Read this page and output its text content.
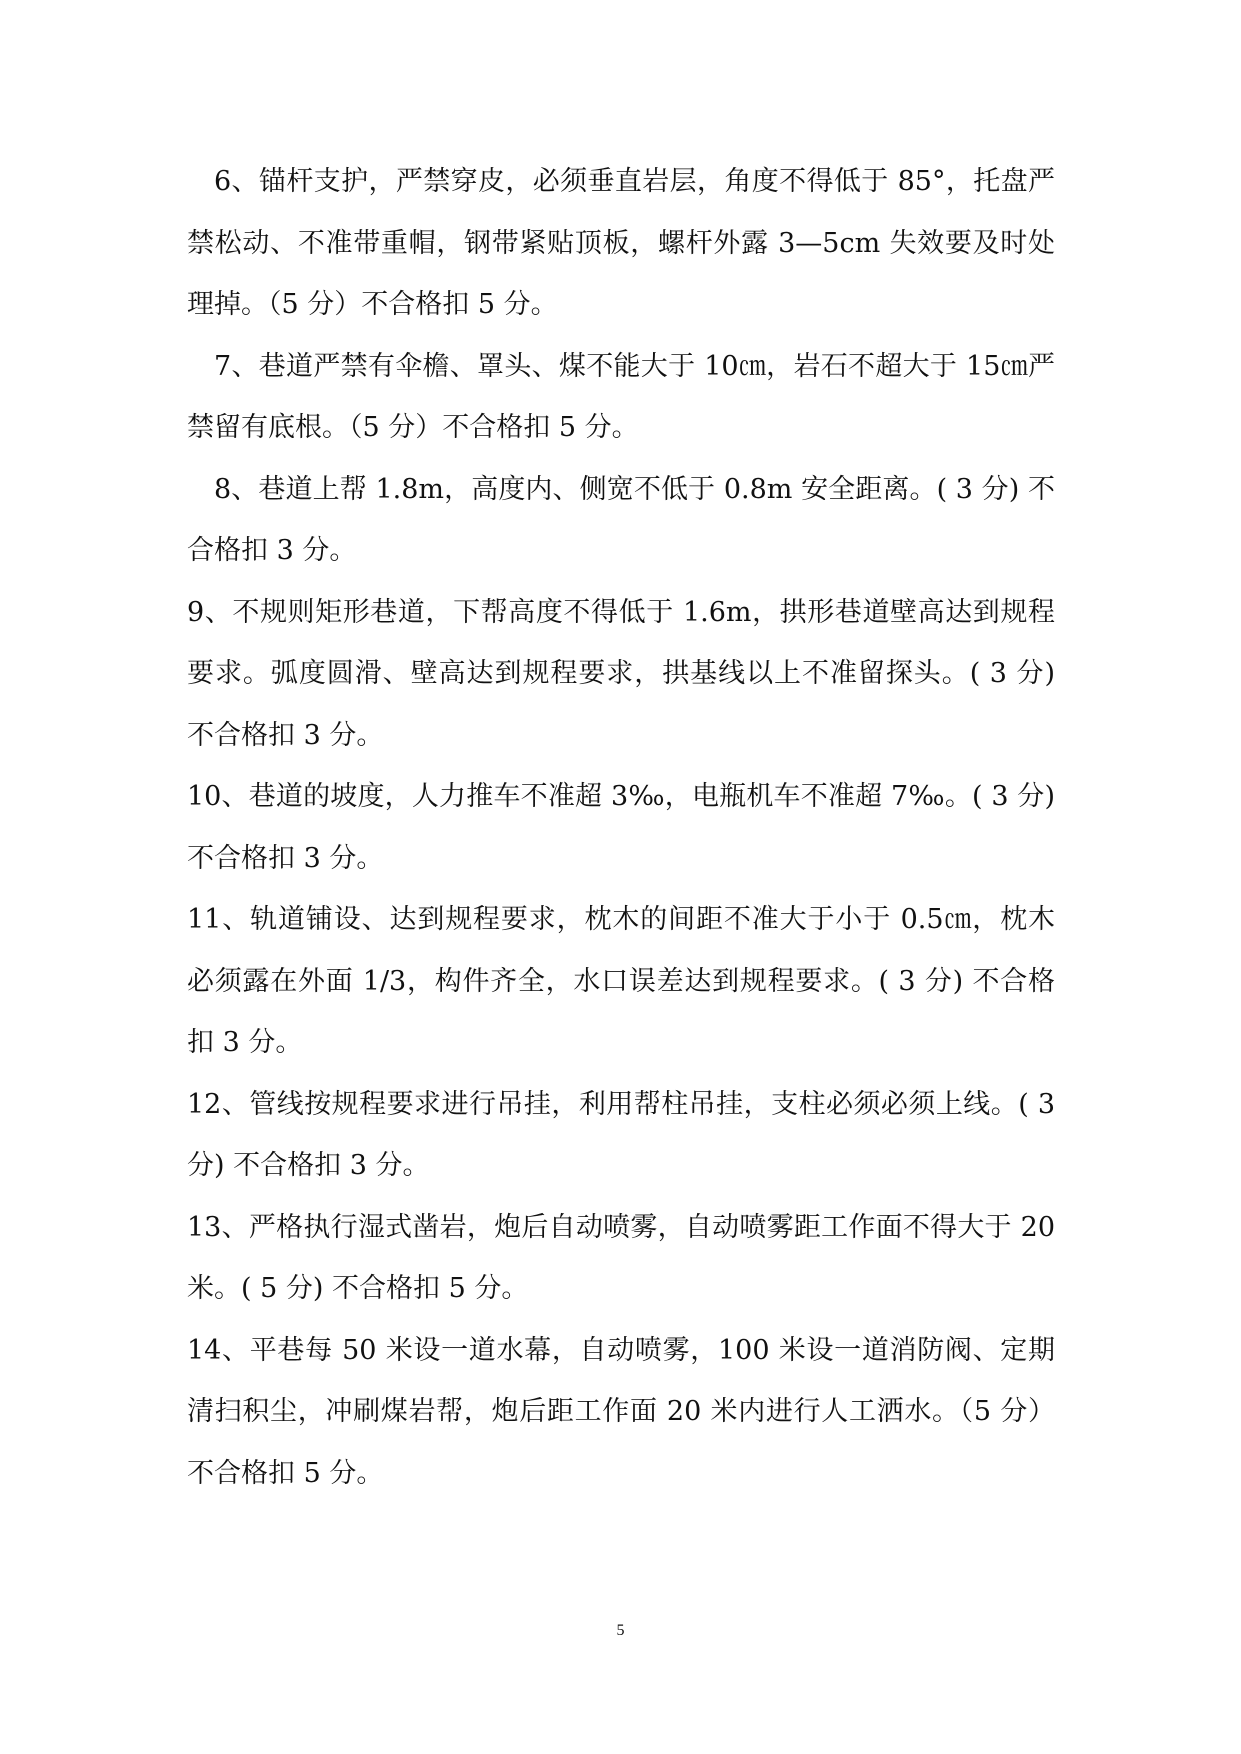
6、锚杆支护，严禁穿皮，必须垂直岩层，角度不得低于 85°，托盘严禁松动、不准带重帽，钢带紧贴顶板，螺杆外露 3—5cm 失效要及时处理掉。（5 分）不合格扣 5 分。

7、巷道严禁有伞檐、罩头、煤不能大于 10㎝，岩石不超大于 15㎝严禁留有底根。（5 分）不合格扣 5 分。

8、巷道上帮 1.8m，高度内、侧宽不低于 0.8m 安全距离。( 3 分) 不合格扣 3 分。

9、不规则矩形巷道，下帮高度不得低于 1.6m，拱形巷道壁高达到规程要求。弧度圆滑、壁高达到规程要求，拱基线以上不准留探头。( 3 分) 不合格扣 3 分。

10、巷道的坡度，人力推车不准超 3‰，电瓶机车不准超 7‰。( 3 分) 不合格扣 3 分。

11、轨道铺设、达到规程要求，枕木的间距不准大于小于 0.5㎝，枕木必须露在外面 1/3，构件齐全，水口误差达到规程要求。( 3 分) 不合格扣 3 分。

12、管线按规程要求进行吊挂，利用帮柱吊挂，支柱必须必须上线。( 3 分) 不合格扣 3 分。

13、严格执行湿式凿岩，炮后自动喷雾，自动喷雾距工作面不得大于 20 米。( 5 分) 不合格扣 5 分。

14、平巷每 50 米设一道水幕，自动喷雾，100 米设一道消防阀、定期清扫积尘，冲刷煤岩帮，炮后距工作面 20 米内进行人工洒水。（5 分）不合格扣 5 分。

5
